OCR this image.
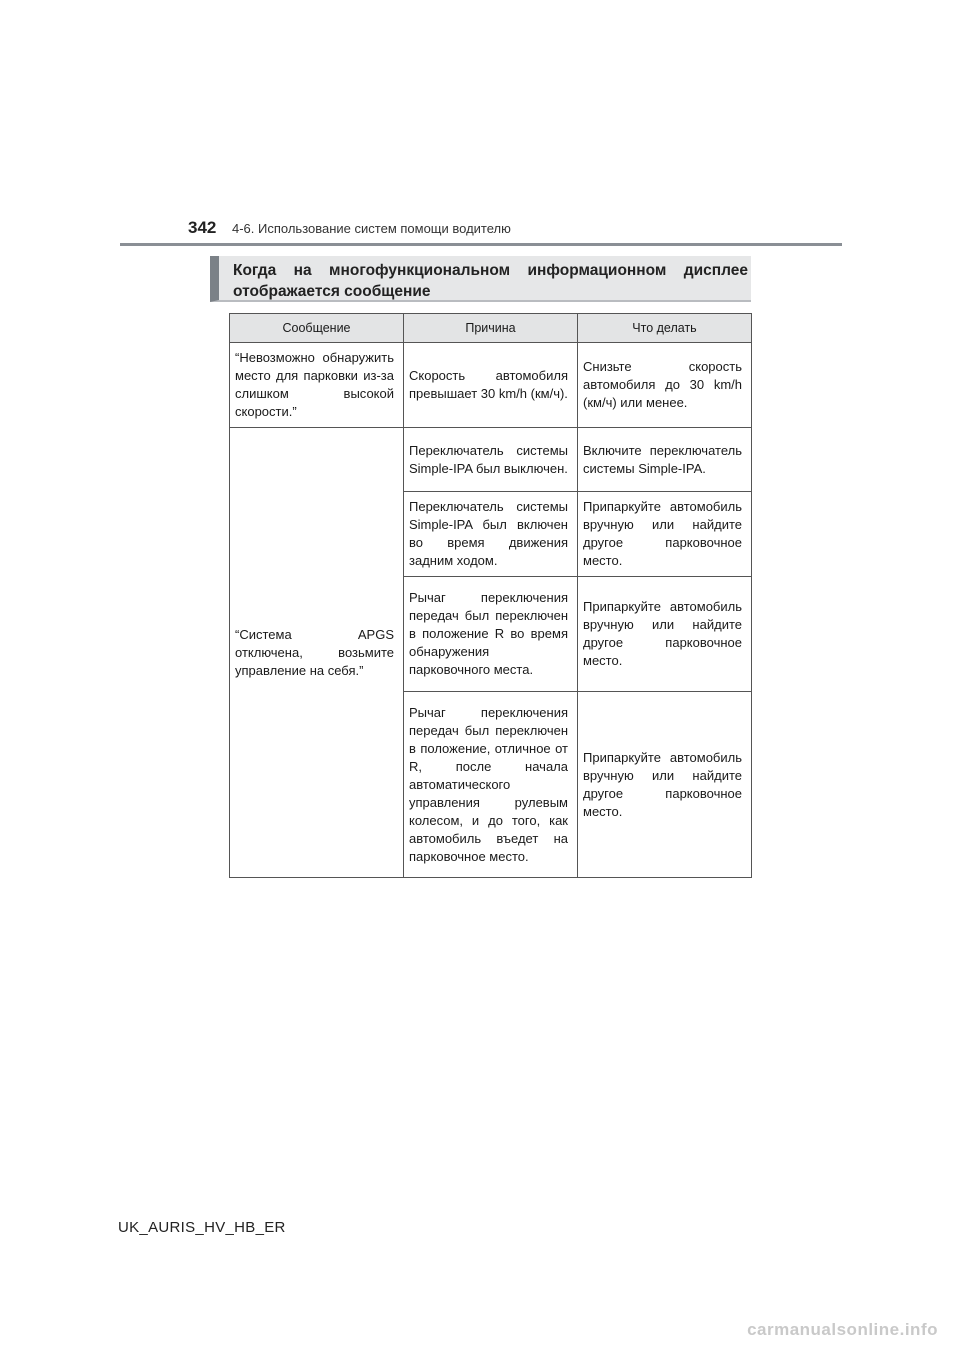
342 4-6. Использование систем помощи водителю
Когда на многофункциональном информационном дисплее

отображается сообщение
Сообщение	Причина	Что делать

“Невозможно обнаружить место для парковки из-за слишком высокой скорости.”	Скорость автомобиля превышает 30 km/h (км/ч).	Снизьте скорость автомобиля до 30 km/h (км/ч) или менее.

“Система APGS отключена, возьмите управление на себя.”	Переключатель системы Simple-IPA был выключен.	Включите переключатель системы Simple-IPA.

	Переключатель системы Simple-IPA был включен во время движения задним ходом.	Припаркуйте автомобиль вручную или найдите другое парковочное место.

	Рычаг переключения передач был переключен в положение R во время обнаружения парковочного места.	Припаркуйте автомобиль вручную или найдите другое парковочное место.

	Рычаг переключения передач был переключен в положение, отличное от R, после начала автоматического управления рулевым колесом, и до того, как автомобиль въедет на парковочное место.	Припаркуйте автомобиль вручную или найдите другое парковочное место.
UK_AURIS_HV_HB_ER
carmanualsonline.info
